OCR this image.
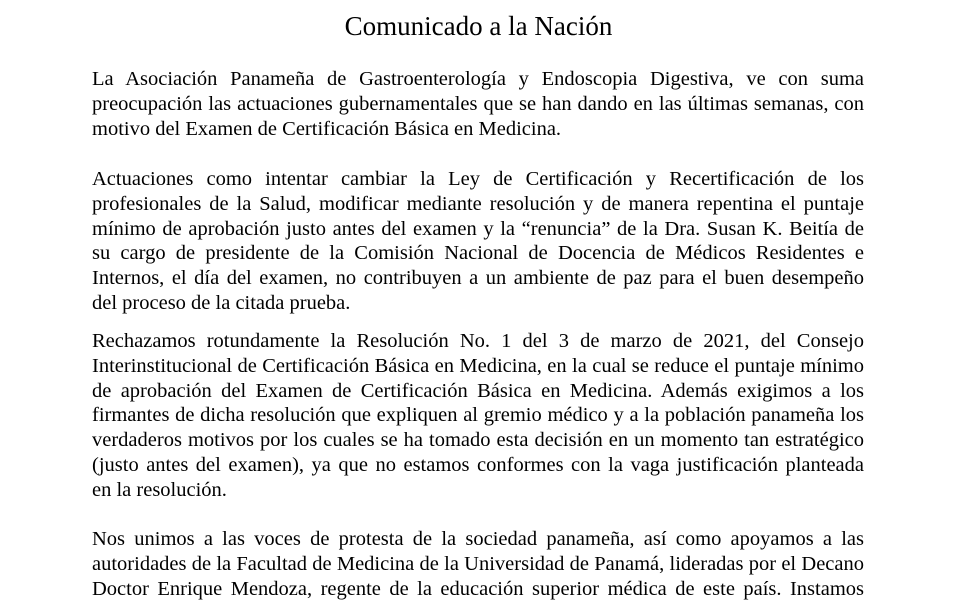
Comunicado a la Nación
La Asociación Panameña de Gastroenterología y Endoscopia Digestiva, ve con suma
preocupación las actuaciones gubernamentales que se han dando en las últimas semanas, con
motivo del Examen de Certificación Básica en Medicina.
Actuaciones como intentar cambiar la Ley de Certificación y Recertificación de los
profesionales de la Salud, modificar mediante resolución y de manera repentina el puntaje
mínimo de aprobación justo antes del examen y la “renuncia” de la Dra. Susan K. Beitía de
su cargo de presidente de la Comisión Nacional de Docencia de Médicos Residentes e
Internos, el día del examen, no contribuyen a un ambiente de paz para el buen desempeño
del proceso de la citada prueba.
Rechazamos rotundamente la Resolución No. 1 del 3 de marzo de 2021, del Consejo
Interinstitucional de Certificación Básica en Medicina, en la cual se reduce el puntaje mínimo
de aprobación del Examen de Certificación Básica en Medicina. Además exigimos a los
firmantes de dicha resolución que expliquen al gremio médico y a la población panameña los
verdaderos motivos por los cuales se ha tomado esta decisión en un momento tan estratégico
(justo antes del examen), ya que no estamos conformes con la vaga justificación planteada
en la resolución.
Nos unimos a las voces de protesta de la sociedad panameña, así como apoyamos a las
autoridades de la Facultad de Medicina de la Universidad de Panamá, lideradas por el Decano
Doctor Enrique Mendoza, regente de la educación superior médica de este país. Instamos
